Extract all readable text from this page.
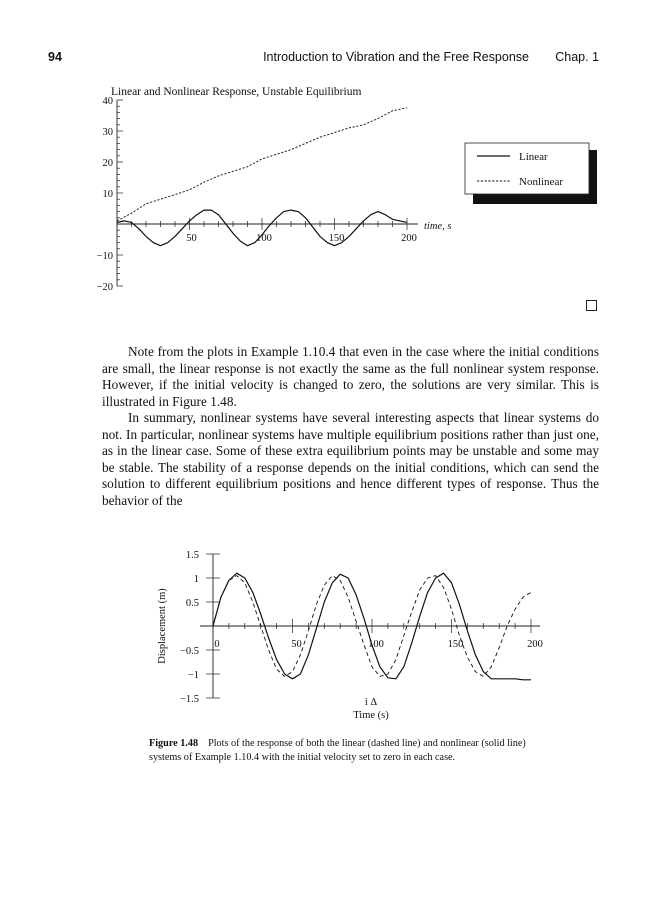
94	Introduction to Vibration and the Free Response Chap. 1
Linear and Nonlinear Response, Unstable Equilibrium
40
30
20
10
−10
−20
50	100	150	200
time, s
Linear
Nonlinear

Note from the plots in Example 1.10.4 that even in the case where the initial conditions are small, the linear response is not exactly the same as the full nonlinear system response. However, if the initial velocity is changed to zero, the solutions are very similar. This is illustrated in Figure 1.48.

In summary, nonlinear systems have several interesting aspects that linear systems do not. In particular, nonlinear systems have multiple equilibrium positions rather than just one, as in the linear case. Some of these extra equilibrium points may be unstable and some may be stable. The stability of a response depends on the initial conditions, which can send the solution to different equilibrium positions and hence different types of response. Thus the behavior of the

1.5
1
0.5
−0.5
−1
−1.5
0	50	100	150	200
i Δ
Time (s)
Displacement (m)
Figure 1.48 Plots of the response of both the linear (dashed line) and nonlinear (solid line) systems of Example 1.10.4 with the initial velocity set to zero in each case.
